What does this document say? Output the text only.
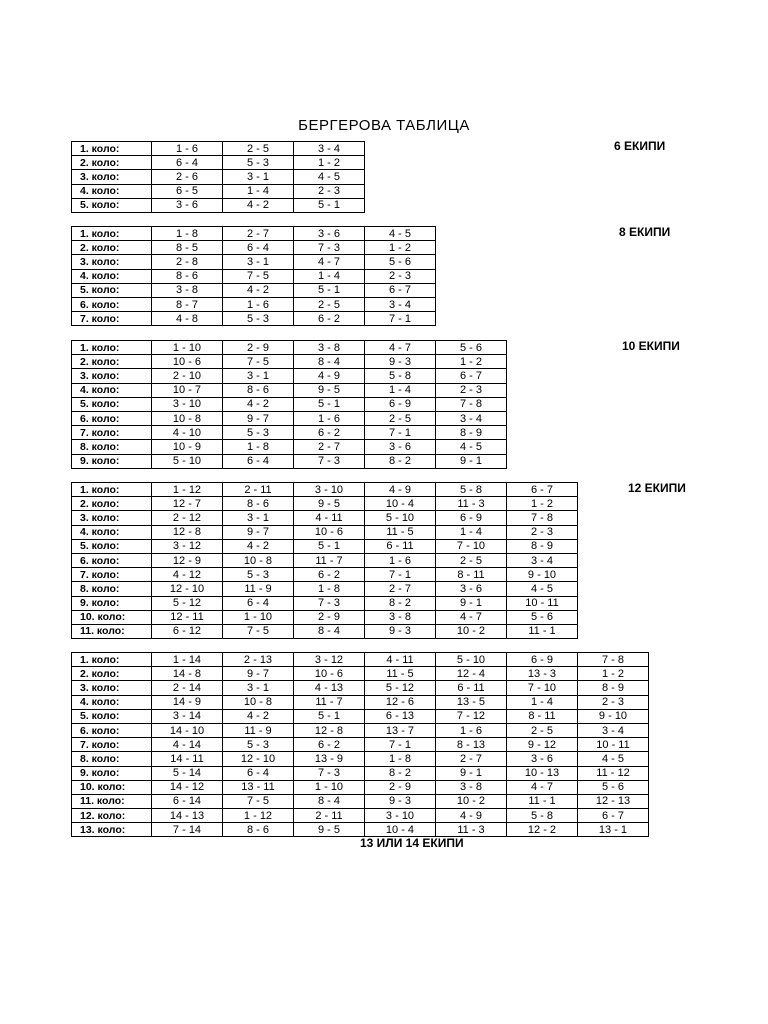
БЕРГЕРОВА ТАБЛИЦА
1. коло:		1 - 6	2 - 5	3 - 4
2. коло:		6 - 4	5 - 3	1 - 2
3. коло:		2 - 6	3 - 1	4 - 5
4. коло:		6 - 5	1 - 4	2 - 3
5. коло:		3 - 6	4 - 2	5 - 1
6 ЕКИПИ
1. коло:		1 - 8	2 - 7	3 - 6	4 - 5
2. коло:		8 - 5	6 - 4	7 - 3	1 - 2
3. коло:		2 - 8	3 - 1	4 - 7	5 - 6
4. коло:		8 - 6	7 - 5	1 - 4	2 - 3
5. коло:		3 - 8	4 - 2	5 - 1	6 - 7
6. коло:		8 - 7	1 - 6	2 - 5	3 - 4
7. коло:		4 - 8	5 - 3	6 - 2	7 - 1
8 ЕКИПИ
1. коло:		1 - 10	2 - 9	3 - 8	4 - 7	5 - 6
2. коло:		10 - 6	7 - 5	8 - 4	9 - 3	1 - 2
3. коло:		2 - 10	3 - 1	4 - 9	5 - 8	6 - 7
4. коло:		10 - 7	8 - 6	9 - 5	1 - 4	2 - 3
5. коло:		3 - 10	4 - 2	5 - 1	6 - 9	7 - 8
6. коло:		10 - 8	9 - 7	1 - 6	2 - 5	3 - 4
7. коло:		4 - 10	5 - 3	6 - 2	7 - 1	8 - 9
8. коло:		10 - 9	1 - 8	2 - 7	3 - 6	4 - 5
9. коло:		5 - 10	6 - 4	7 - 3	8 - 2	9 - 1
10 ЕКИПИ
1. коло:		1 - 12	2 - 11	3 - 10	4 - 9	5 - 8	6 - 7
2. коло:		12 - 7	8 - 6	9 - 5	10 - 4	11 - 3	1 - 2
3. коло:		2 - 12	3 - 1	4 - 11	5 - 10	6 - 9	7 - 8
4. коло:		12 - 8	9 - 7	10 - 6	11 - 5	1 - 4	2 - 3
5. коло:		3 - 12	4 - 2	5 - 1	6 - 11	7 - 10	8 - 9
6. коло:		12 - 9	10 - 8	11 - 7	1 - 6	2 - 5	3 - 4
7. коло:		4 - 12	5 - 3	6 - 2	7 - 1	8 - 11	9 - 10
8. коло:		12 - 10	11 - 9	1 - 8	2 - 7	3 - 6	4 - 5
9. коло:		5 - 12	6 - 4	7 - 3	8 - 2	9 - 1	10 - 11
10. коло:		12 - 11	1 - 10	2 - 9	3 - 8	4 - 7	5 - 6
11. коло:		6 - 12	7 - 5	8 - 4	9 - 3	10 - 2	11 - 1
12 ЕКИПИ
1. коло:		1 - 14	2 - 13	3 - 12	4 - 11	5 - 10	6 - 9	7 - 8
2. коло:		14 - 8	9 - 7	10 - 6	11 - 5	12 - 4	13 - 3	1 - 2
3. коло:		2 - 14	3 - 1	4 - 13	5 - 12	6 - 11	7 - 10	8 - 9
4. коло:		14 - 9	10 - 8	11 - 7	12 - 6	13 - 5	1 - 4	2 - 3
5. коло:		3 - 14	4 - 2	5 - 1	6 - 13	7 - 12	8 - 11	9 - 10
6. коло:		14 - 10	11 - 9	12 - 8	13 - 7	1 - 6	2 - 5	3 - 4
7. коло:		4 - 14	5 - 3	6 - 2	7 - 1	8 - 13	9 - 12	10 - 11
8. коло:		14 - 11	12 - 10	13 - 9	1 - 8	2 - 7	3 - 6	4 - 5
9. коло:		5 - 14	6 - 4	7 - 3	8 - 2	9 - 1	10 - 13	11 - 12
10. коло:		14 - 12	13 - 11	1 - 10	2 - 9	3 - 8	4 - 7	5 - 6
11. коло:		6 - 14	7 - 5	8 - 4	9 - 3	10 - 2	11 - 1	12 - 13
12. коло:		14 - 13	1 - 12	2 - 11	3 - 10	4 - 9	5 - 8	6 - 7
13. коло:		7 - 14	8 - 6	9 - 5	10 - 4	11 - 3	12 - 2	13 - 1
13 ИЛИ 14 ЕКИПИ
